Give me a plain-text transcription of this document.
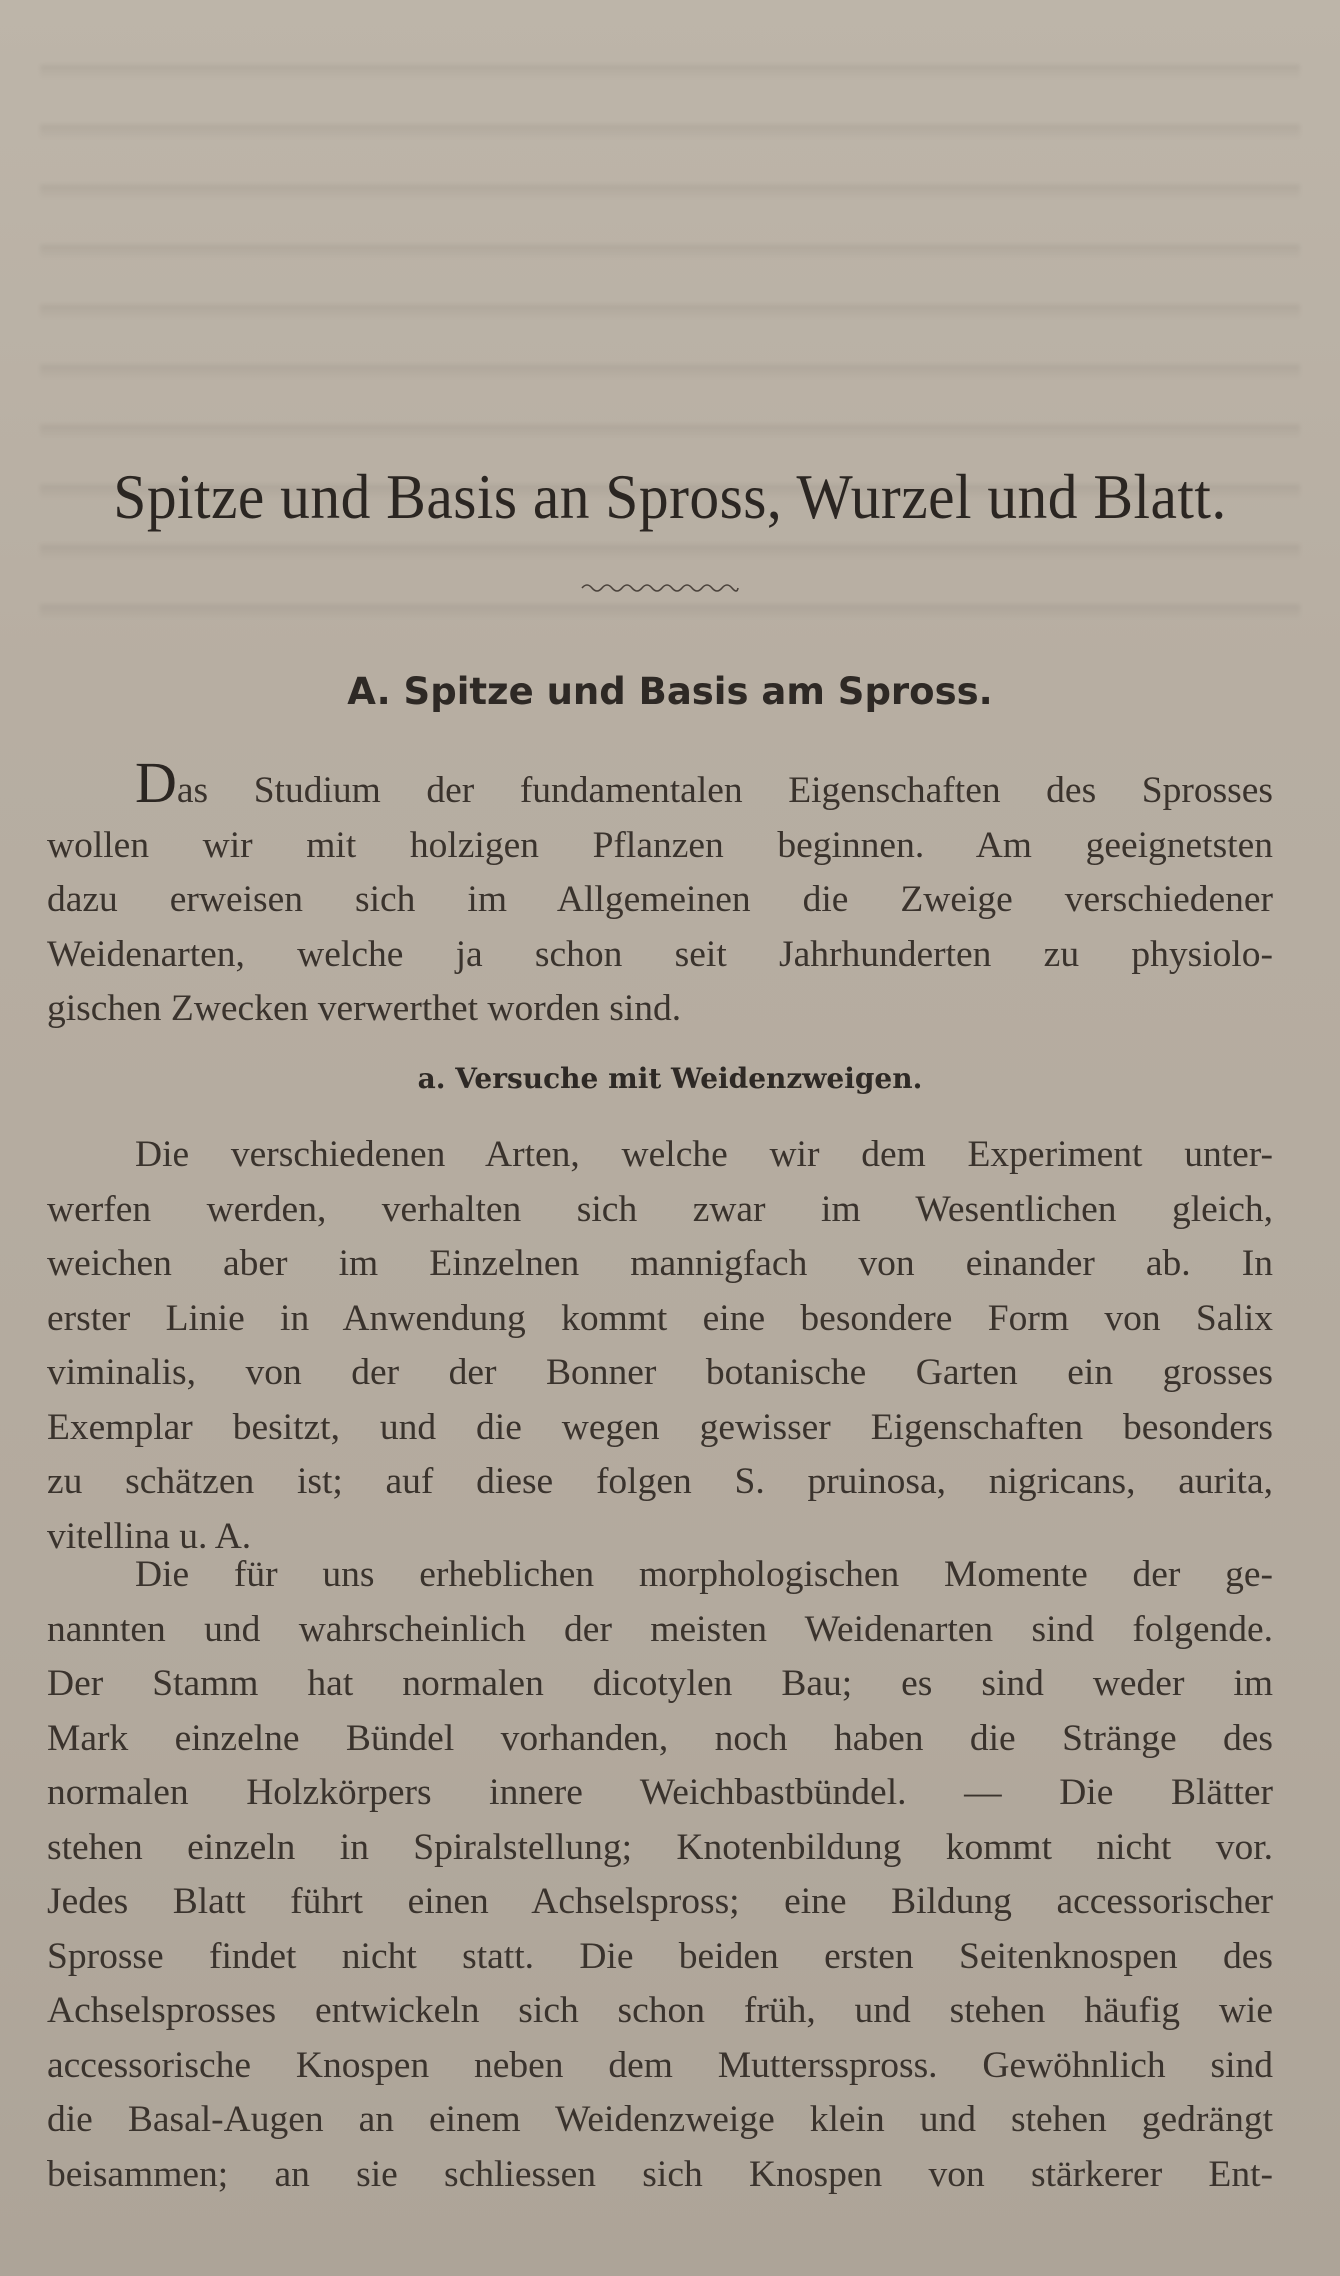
Spitze und Basis an Spross, Wurzel und Blatt.
A. Spitze und Basis am Spross.
Das Studium der fundamentalen Eigenschaften des Sprosses
wollen wir mit holzigen Pflanzen beginnen. Am geeignetsten
dazu erweisen sich im Allgemeinen die Zweige verschiedener
Weidenarten, welche ja schon seit Jahrhunderten zu physiolo-
gischen Zwecken verwerthet worden sind.
a. Versuche mit Weidenzweigen.
Die verschiedenen Arten, welche wir dem Experiment unter-
werfen werden, verhalten sich zwar im Wesentlichen gleich,
weichen aber im Einzelnen mannigfach von einander ab. In
erster Linie in Anwendung kommt eine besondere Form von Salix
viminalis, von der der Bonner botanische Garten ein grosses
Exemplar besitzt, und die wegen gewisser Eigenschaften besonders
zu schätzen ist; auf diese folgen S. pruinosa, nigricans, aurita,
vitellina u. A.
Die für uns erheblichen morphologischen Momente der ge-
nannten und wahrscheinlich der meisten Weidenarten sind folgende.
Der Stamm hat normalen dicotylen Bau; es sind weder im
Mark einzelne Bündel vorhanden, noch haben die Stränge des
normalen Holzkörpers innere Weichbastbündel. — Die Blätter
stehen einzeln in Spiralstellung; Knotenbildung kommt nicht vor.
Jedes Blatt führt einen Achselspross; eine Bildung accessorischer
Sprosse findet nicht statt. Die beiden ersten Seitenknospen des
Achselsprosses entwickeln sich schon früh, und stehen häufig wie
accessorische Knospen neben dem Muttersspross. Gewöhnlich sind
die Basal-Augen an einem Weidenzweige klein und stehen gedrängt
beisammen; an sie schliessen sich Knospen von stärkerer Ent-
